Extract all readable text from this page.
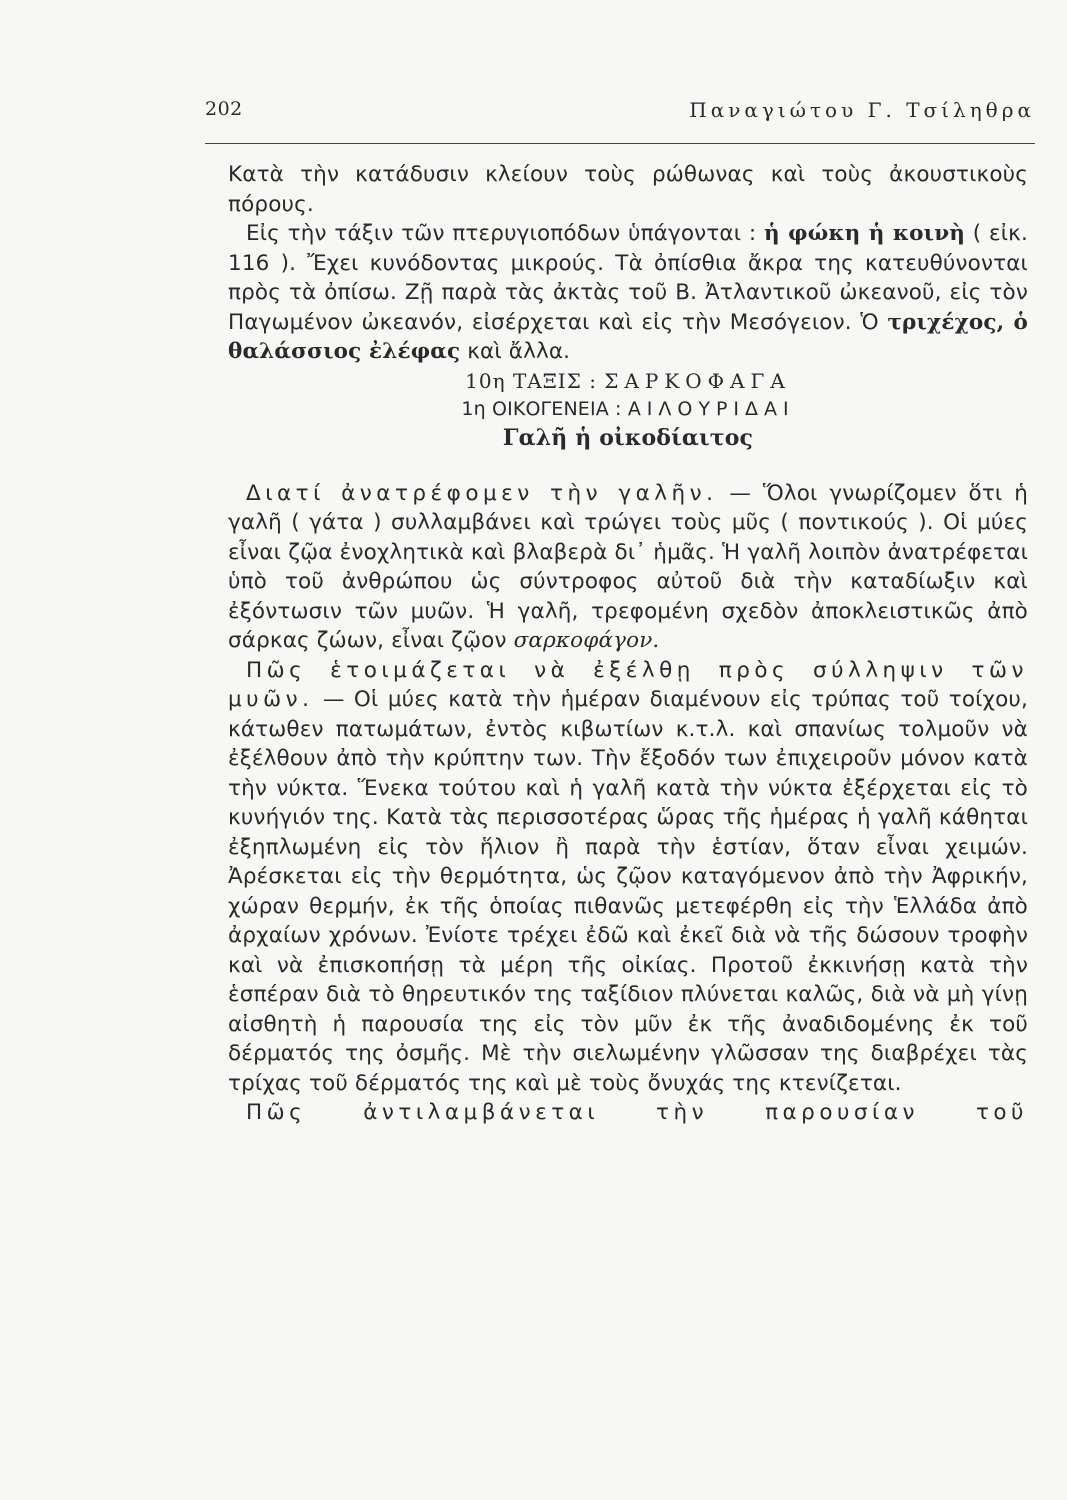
202	Παναγιώτου Γ. Τσίληθρα

Κατὰ τὴν κατάδυσιν κλείουν τοὺς ρώθωνας καὶ τοὺς ἀκουστικοὺς πόρους.

Εἰς τὴν τάξιν τῶν πτερυγιοπόδων ὑπάγονται : ἡ φώκη ἡ κοινὴ ( εἰκ. 116 ). Ἔχει κυνόδοντας μικρούς. Τὰ ὀπίσθια ἄκρα της κατευθύνονται πρὸς τὰ ὀπίσω. Ζῇ παρὰ τὰς ἀκτὰς τοῦ Β. Ἀτλαντικοῦ ὠκεανοῦ, εἰς τὸν Παγωμένον ὠκεανόν, εἰσέρχεται καὶ εἰς τὴν Μεσόγειον. Ὁ τριχέχος, ὁ θαλάσσιος ἐλέφας καὶ ἄλλα.

10η ΤΑΞΙΣ : ΣΑΡΚΟΦΑΓΑ

1η ΟΙΚΟΓΕΝΕΙΑ : ΑΙΛΟΥΡΙΔΑΙ

Γαλῆ ἡ οἰκοδίαιτος

Διατί ἀνατρέφομεν τὴν γαλῆν. — Ὅλοι γνωρίζομεν ὅτι ἡ γαλῆ ( γάτα ) συλλαμβάνει καὶ τρώγει τοὺς μῦς ( ποντικούς ). Οἱ μύες εἶναι ζῷα ἐνοχλητικὰ καὶ βλαβερὰ δι᾽ ἡμᾶς. Ἡ γαλῆ λοιπὸν ἀνατρέφεται ὑπὸ τοῦ ἀνθρώπου ὡς σύντροφος αὐτοῦ διὰ τὴν καταδίωξιν καὶ ἐξόντωσιν τῶν μυῶν. Ἡ γαλῆ, τρεφομένη σχεδὸν ἀποκλειστικῶς ἀπὸ σάρκας ζώων, εἶναι ζῷον σαρκοφάγον.

Πῶς ἑτοιμάζεται νὰ ἐξέλθῃ πρὸς σύλληψιν τῶν μυῶν. — Οἱ μύες κατὰ τὴν ἡμέραν διαμένουν εἰς τρύπας τοῦ τοίχου, κάτωθεν πατωμάτων, ἐντὸς κιβωτίων κ.τ.λ. καὶ σπανίως τολμοῦν νὰ ἐξέλθουν ἀπὸ τὴν κρύπτην των. Τὴν ἔξοδόν των ἐπιχειροῦν μόνον κατὰ τὴν νύκτα. Ἕνεκα τούτου καὶ ἡ γαλῆ κατὰ τὴν νύκτα ἐξέρχεται εἰς τὸ κυνήγιόν της. Κατὰ τὰς περισσοτέρας ὥρας τῆς ἡμέρας ἡ γαλῆ κάθηται ἐξηπλωμένη εἰς τὸν ἥλιον ἢ παρὰ τὴν ἑστίαν, ὅταν εἶναι χειμών. Ἀρέσκεται εἰς τὴν θερμότητα, ὡς ζῷον καταγόμενον ἀπὸ τὴν Ἀφρικήν, χώραν θερμήν, ἐκ τῆς ὁποίας πιθανῶς μετεφέρθη εἰς τὴν Ἑλλάδα ἀπὸ ἀρχαίων χρόνων. Ἐνίοτε τρέχει ἐδῶ καὶ ἐκεῖ διὰ νὰ τῆς δώσουν τροφὴν καὶ νὰ ἐπισκοπήσῃ τὰ μέρη τῆς οἰκίας. Προτοῦ ἐκκινήσῃ κατὰ τὴν ἑσπέραν διὰ τὸ θηρευτικόν της ταξίδιον πλύνεται καλῶς, διὰ νὰ μὴ γίνῃ αἰσθητὴ ἡ παρουσία της εἰς τὸν μῦν ἐκ τῆς ἀναδιδομένης ἐκ τοῦ δέρματός της ὀσμῆς. Μὲ τὴν σιελωμένην γλῶσσαν της διαβρέχει τὰς τρίχας τοῦ δέρματός της καὶ μὲ τοὺς ὄνυχάς της κτενίζεται.

Πῶς ἀντιλαμβάνεται τὴν παρουσίαν τοῦ
